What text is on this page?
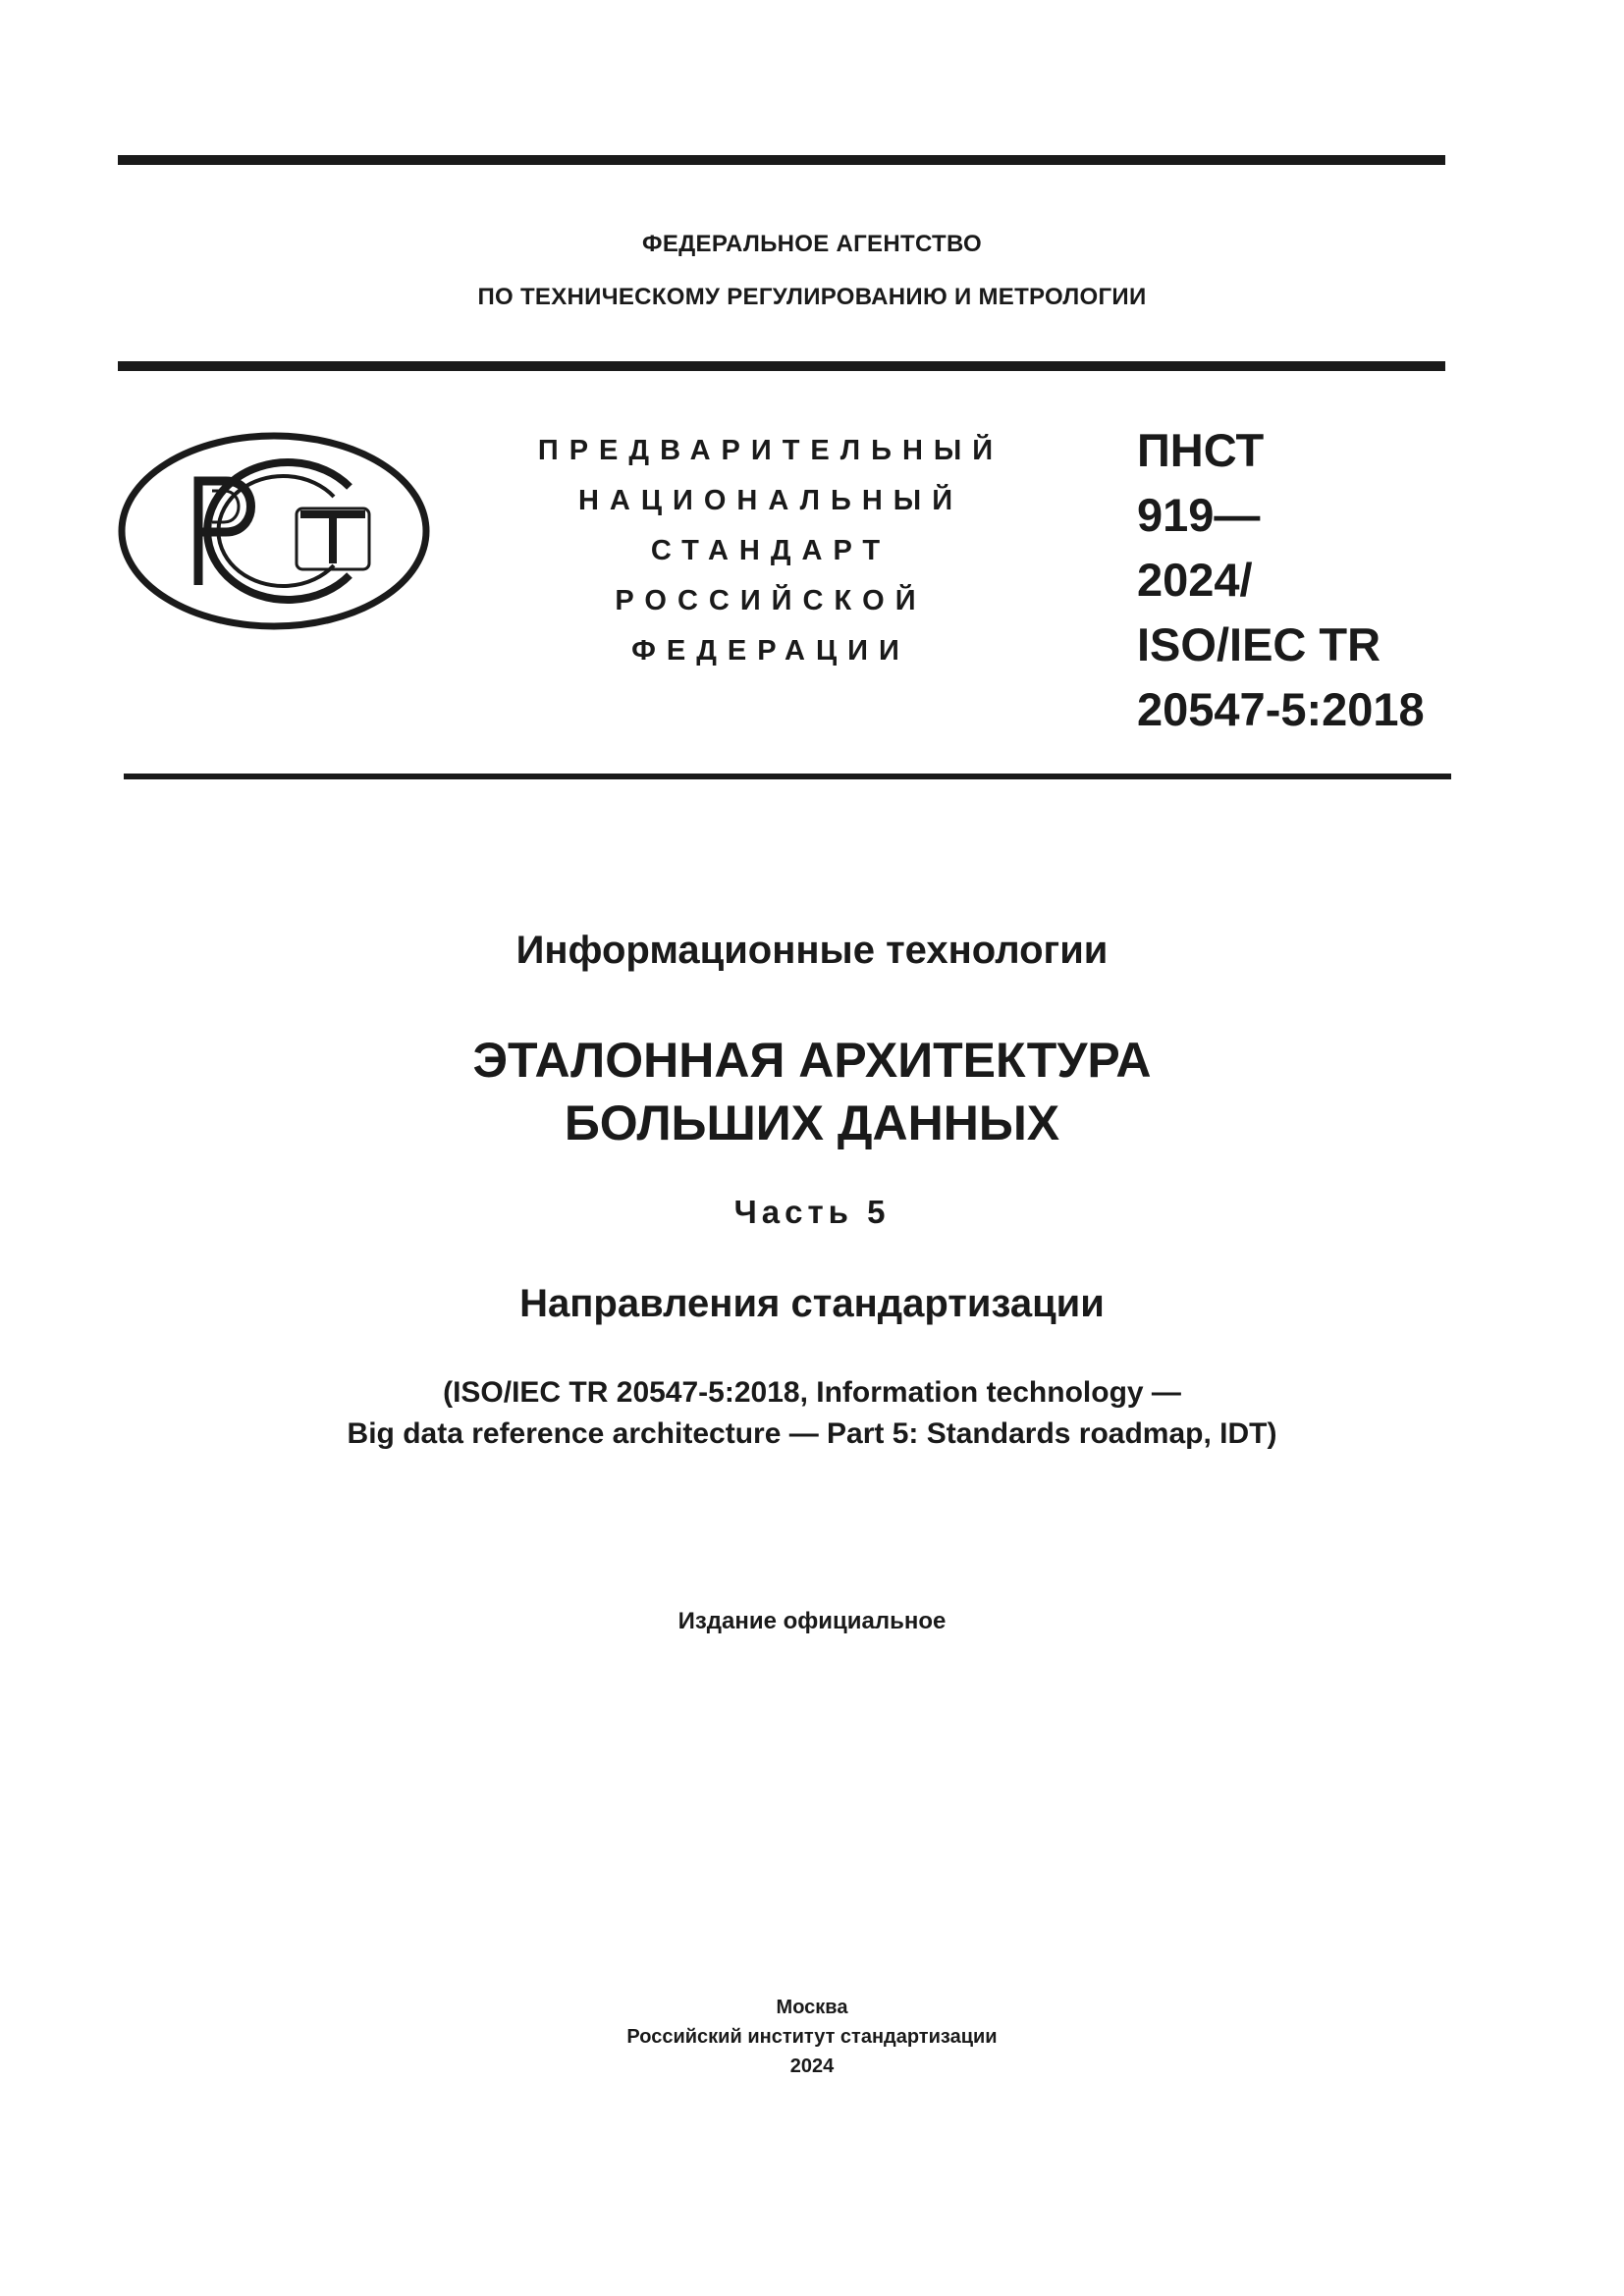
ФЕДЕРАЛЬНОЕ АГЕНТСТВО
ПО ТЕХНИЧЕСКОМУ РЕГУЛИРОВАНИЮ И МЕТРОЛОГИИ
ПРЕДВАРИТЕЛЬНЫЙ
НАЦИОНАЛЬНЫЙ
СТАНДАРТ
РОССИЙСКОЙ
ФЕДЕРАЦИИ
ПНСТ
919—
2024/
ISO/IEC TR
20547-5:2018
Информационные технологии
ЭТАЛОННАЯ АРХИТЕКТУРА
БОЛЬШИХ ДАННЫХ
Часть 5
Направления стандартизации
(ISO/IEC TR 20547-5:2018, Information technology —
Big data reference architecture — Part 5: Standards roadmap, IDT)
Издание официальное
Москва
Российский институт стандартизации
2024
